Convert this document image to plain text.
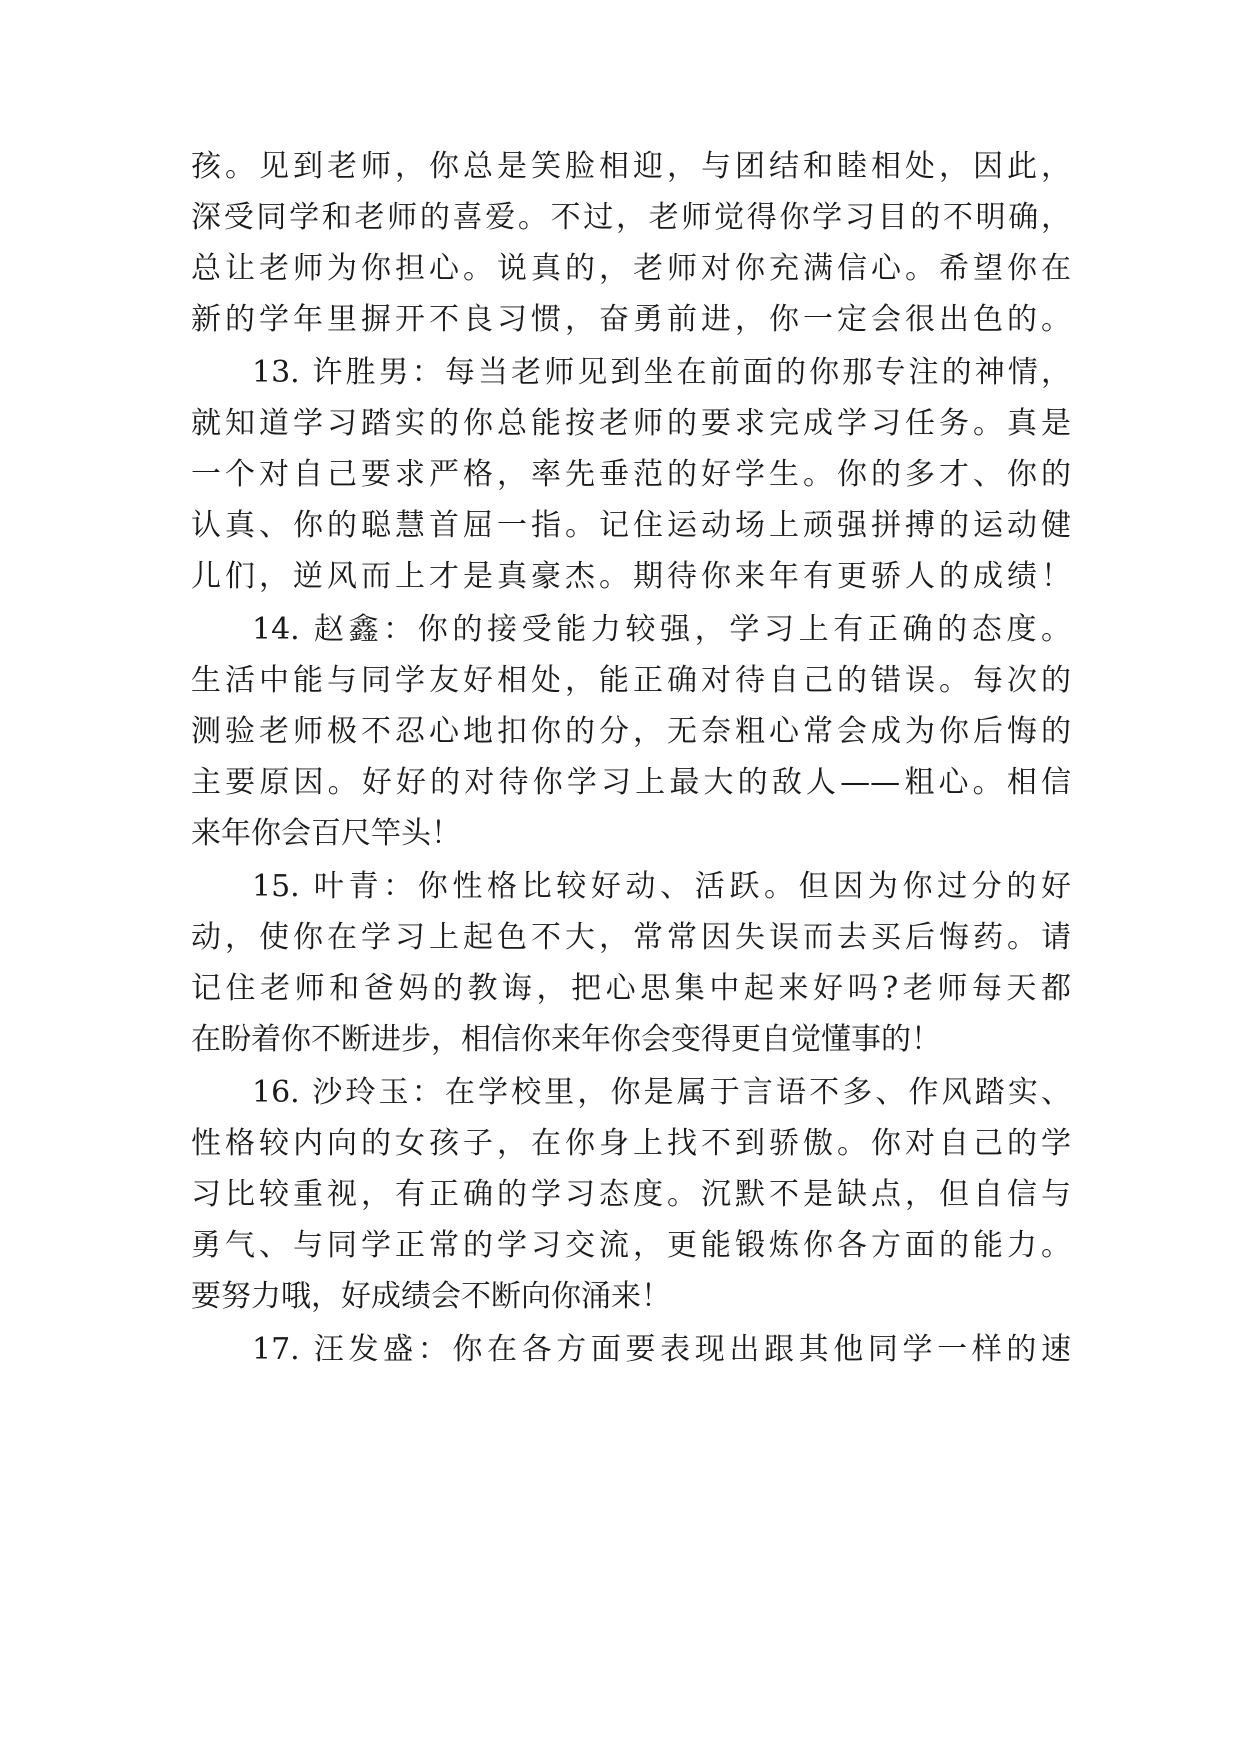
孩。见到老师，你总是笑脸相迎，与团结和睦相处，因此，
深受同学和老师的喜爱。不过，老师觉得你学习目的不明确，
总让老师为你担心。说真的，老师对你充满信心。希望你在
新的学年里摒开不良习惯，奋勇前进，你一定会很出色的。
13. 许胜男：每当老师见到坐在前面的你那专注的神情，
就知道学习踏实的你总能按老师的要求完成学习任务。真是
一个对自己要求严格，率先垂范的好学生。你的多才、你的
认真、你的聪慧首屈一指。记住运动场上顽强拼搏的运动健
儿们，逆风而上才是真豪杰。期待你来年有更骄人的成绩！
14. 赵鑫：你的接受能力较强，学习上有正确的态度。
生活中能与同学友好相处，能正确对待自己的错误。每次的
测验老师极不忍心地扣你的分，无奈粗心常会成为你后悔的
主要原因。好好的对待你学习上最大的敌人——粗心。相信
来年你会百尺竿头！
15. 叶青：你性格比较好动、活跃。但因为你过分的好
动，使你在学习上起色不大，常常因失误而去买后悔药。请
记住老师和爸妈的教诲，把心思集中起来好吗?老师每天都
在盼着你不断进步，相信你来年你会变得更自觉懂事的！
16. 沙玲玉：在学校里，你是属于言语不多、作风踏实、
性格较内向的女孩子，在你身上找不到骄傲。你对自己的学
习比较重视，有正确的学习态度。沉默不是缺点，但自信与
勇气、与同学正常的学习交流，更能锻炼你各方面的能力。
要努力哦，好成绩会不断向你涌来！
17. 汪发盛：你在各方面要表现出跟其他同学一样的速
